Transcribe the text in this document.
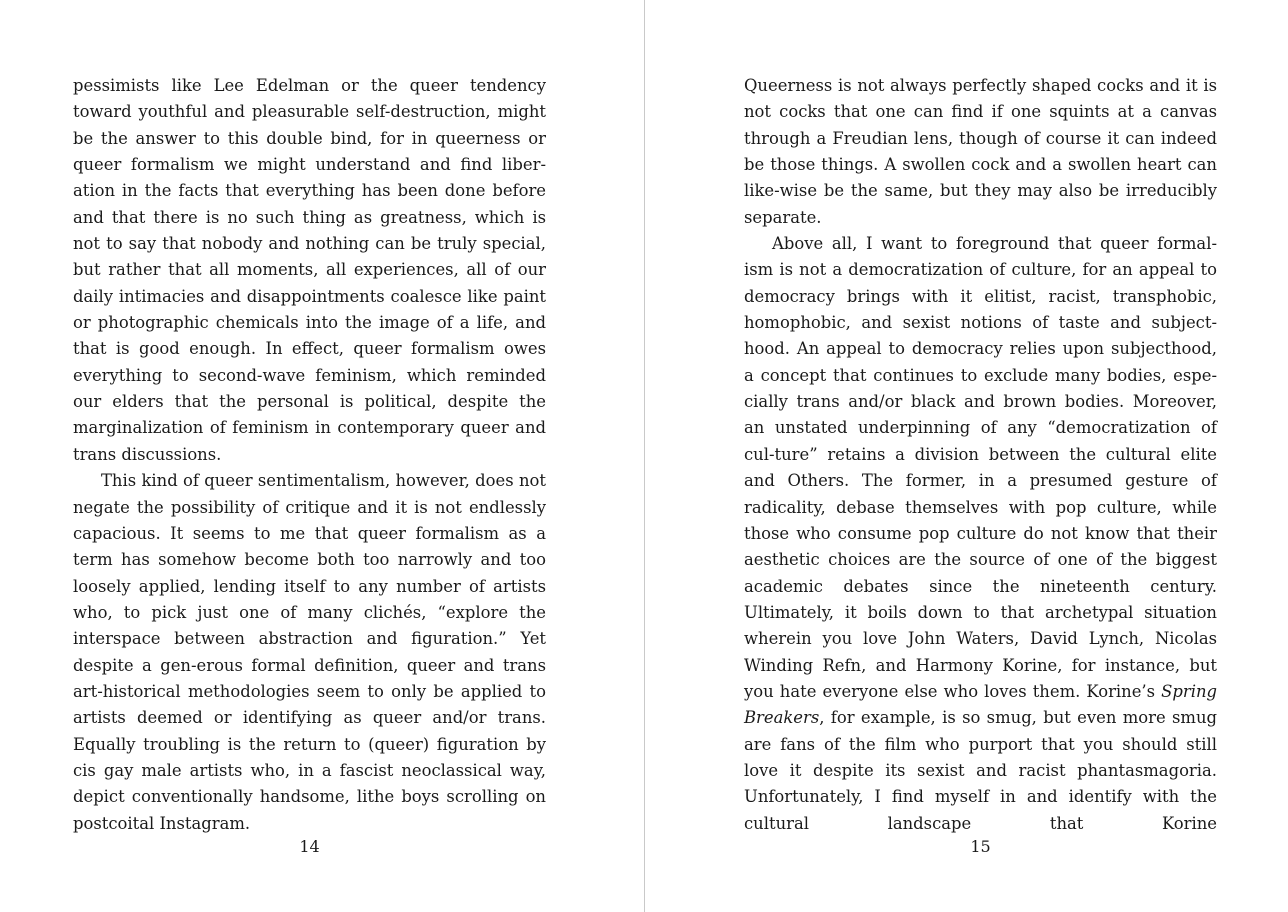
pessimists like Lee Edelman or the queer tendency toward youthful and pleasurable self-destruction, might be the answer to this double bind, for in queerness or queer formalism we might understand and find liber-ation in the facts that everything has been done before and that there is no such thing as greatness, which is not to say that nobody and nothing can be truly special, but rather that all moments, all experiences, all of our daily intimacies and disappointments coalesce like paint or photographic chemicals into the image of a life, and that is good enough. In effect, queer formalism owes everything to second-wave feminism, which reminded our elders that the personal is political, despite the marginalization of feminism in contemporary queer and trans discussions.

This kind of queer sentimentalism, however, does not negate the possibility of critique and it is not endlessly capacious. It seems to me that queer formalism as a term has somehow become both too narrowly and too loosely applied, lending itself to any number of artists who, to pick just one of many clichés, “explore the interspace between abstraction and figuration.” Yet despite a gen-erous formal definition, queer and trans art-historical methodologies seem to only be applied to artists deemed or identifying as queer and/or trans. Equally troubling is the return to (queer) figuration by cis gay male artists who, in a fascist neoclassical way, depict conventionally handsome, lithe boys scrolling on postcoital Instagram.

Queerness is not always perfectly shaped cocks and it is not cocks that one can find if one squints at a canvas through a Freudian lens, though of course it can indeed be those things. A swollen cock and a swollen heart can like-wise be the same, but they may also be irreducibly separate.

Above all, I want to foreground that queer formal-ism is not a democratization of culture, for an appeal to democracy brings with it elitist, racist, transphobic, homophobic, and sexist notions of taste and subject-hood. An appeal to democracy relies upon subjecthood, a concept that continues to exclude many bodies, espe-cially trans and/or black and brown bodies. Moreover, an unstated underpinning of any “democratization of cul-ture” retains a division between the cultural elite and Others. The former, in a presumed gesture of radicality, debase themselves with pop culture, while those who consume pop culture do not know that their aesthetic choices are the source of one of the biggest academic debates since the nineteenth century. Ultimately, it boils down to that archetypal situation wherein you love John Waters, David Lynch, Nicolas Winding Refn, and Harmony Korine, for instance, but you hate everyone else who loves them. Korine’s Spring Breakers, for example, is so smug, but even more smug are fans of the film who purport that you should still love it despite its sexist and racist phantasmagoria. Unfortunately, I find myself in and identify with the cultural landscape that Korine

14	15
